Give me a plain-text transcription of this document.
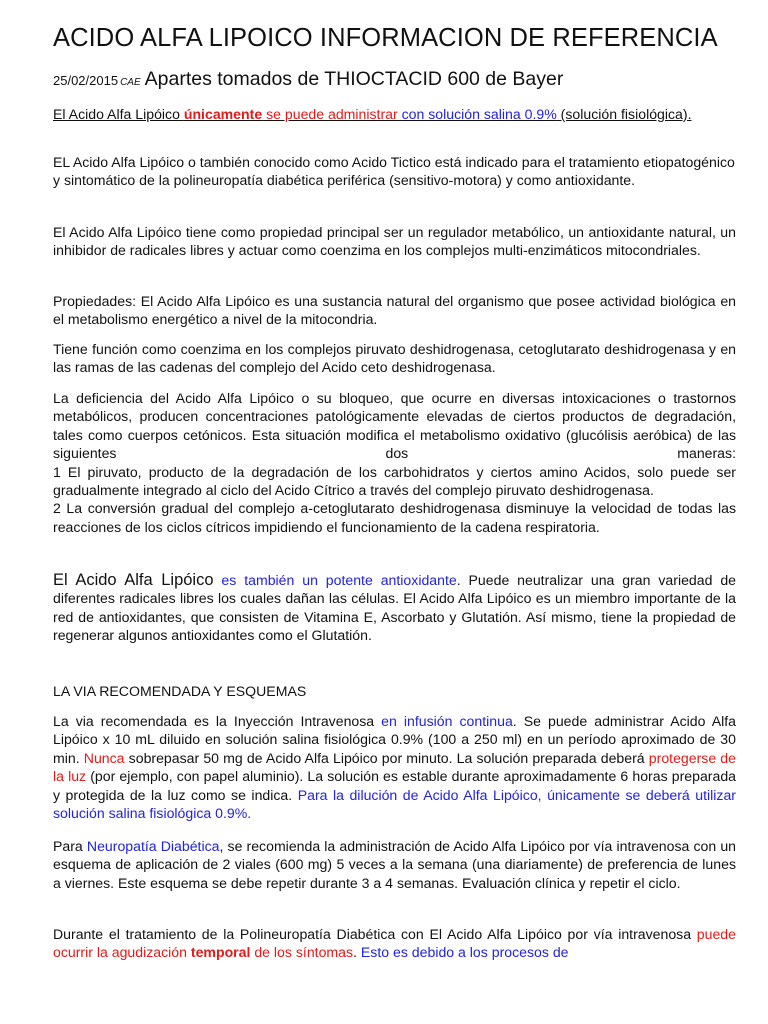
ACIDO ALFA LIPOICO INFORMACION DE REFERENCIA
25/02/2015 CAE Apartes tomados de THIOCTACID 600 de Bayer

El Acido Alfa Lipóico únicamente se puede administrar con solución salina 0.9% (solución fisiológica).

EL Acido Alfa Lipóico o también conocido como Acido Tictico está indicado para el tratamiento etiopatogénico y sintomático de la polineuropatía diabética periférica (sensitivo-motora) y como antioxidante.

El Acido Alfa Lipóico tiene como propiedad principal ser un regulador metabólico, un antioxidante natural, un inhibidor de radicales libres y actuar como coenzima en los complejos multi-enzimáticos mitocondriales.

Propiedades: El Acido Alfa Lipóico es una sustancia natural del organismo que posee actividad biológica en el metabolismo energético a nivel de la mitocondria.

Tiene función como coenzima en los complejos piruvato deshidrogenasa, cetoglutarato deshidrogenasa y en las ramas de las cadenas del complejo del Acido ceto deshidrogenasa.

La deficiencia del Acido Alfa Lipóico o su bloqueo, que ocurre en diversas intoxicaciones o trastornos metabólicos, producen concentraciones patológicamente elevadas de ciertos productos de degradación, tales como cuerpos cetónicos. Esta situación modifica el metabolismo oxidativo (glucólisis aeróbica) de las siguientes dos maneras:
1 El piruvato, producto de la degradación de los carbohidratos y ciertos amino Acidos, solo puede ser gradualmente integrado al ciclo del Acido Cítrico a través del complejo piruvato deshidrogenasa.
2 La conversión gradual del complejo a-cetoglutarato deshidrogenasa disminuye la velocidad de todas las reacciones de los ciclos cítricos impidiendo el funcionamiento de la cadena respiratoria.

El Acido Alfa Lipóico es también un potente antioxidante. Puede neutralizar una gran variedad de diferentes radicales libres los cuales dañan las células. El Acido Alfa Lipóico es un miembro importante de la red de antioxidantes, que consisten de Vitamina E, Ascorbato y Glutatión. Así mismo, tiene la propiedad de regenerar algunos antioxidantes como el Glutatión.

LA VIA RECOMENDADA Y ESQUEMAS

La via recomendada es la Inyección Intravenosa en infusión continua. Se puede administrar Acido Alfa Lipóico x 10 mL diluido en solución salina fisiológica 0.9% (100 a 250 ml) en un período aproximado de 30 min. Nunca sobrepasar 50 mg de Acido Alfa Lipóico por minuto. La solución preparada deberá protegerse de la luz (por ejemplo, con papel aluminio). La solución es estable durante aproximadamente 6 horas preparada y protegida de la luz como se indica. Para la dilución de Acido Alfa Lipóico, únicamente se deberá utilizar solución salina fisiológica 0.9%.

Para Neuropatía Diabética, se recomienda la administración de Acido Alfa Lipóico por vía intravenosa con un esquema de aplicación de 2 viales (600 mg) 5 veces a la semana (una diariamente) de preferencia de lunes a viernes. Este esquema se debe repetir durante 3 a 4 semanas. Evaluación clínica y repetir el ciclo.

Durante el tratamiento de la Polineuropatía Diabética con El Acido Alfa Lipóico por vía intravenosa puede ocurrir la agudización temporal de los síntomas. Esto es debido a los procesos de
